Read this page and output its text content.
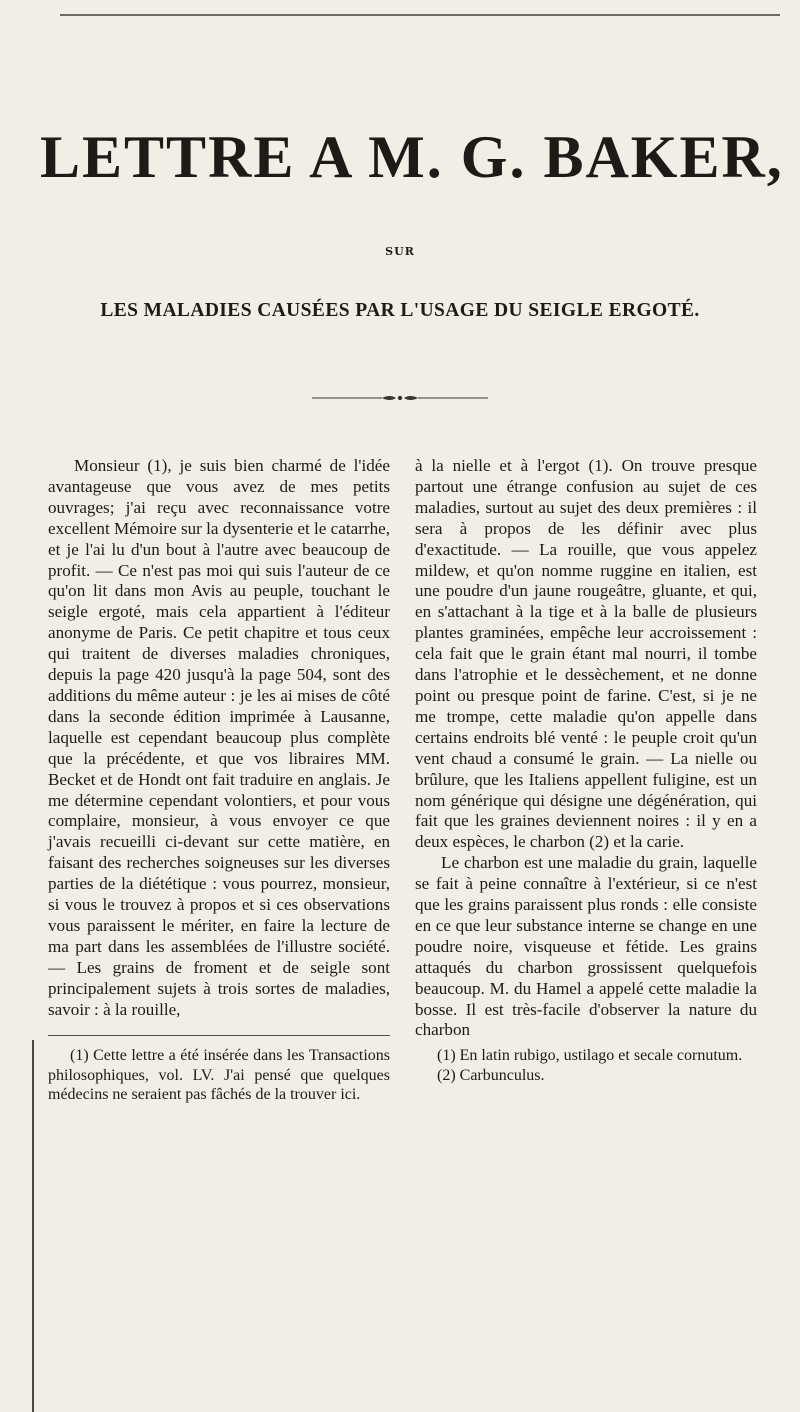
LETTRE A M. G. BAKER,
SUR
LES MALADIES CAUSÉES PAR L'USAGE DU SEIGLE ERGOTÉ.

Monsieur (1), je suis bien charmé de l'idée avantageuse que vous avez de mes petits ouvrages; j'ai reçu avec reconnaissance votre excellent Mémoire sur la dysenterie et le catarrhe, et je l'ai lu d'un bout à l'autre avec beaucoup de profit. — Ce n'est pas moi qui suis l'auteur de ce qu'on lit dans mon Avis au peuple, touchant le seigle ergoté, mais cela appartient à l'éditeur anonyme de Paris. Ce petit chapitre et tous ceux qui traitent de diverses maladies chroniques, depuis la page 420 jusqu'à la page 504, sont des additions du même auteur : je les ai mises de côté dans la seconde édition imprimée à Lausanne, laquelle est cependant beaucoup plus complète que la précédente, et que vos libraires MM. Becket et de Hondt ont fait traduire en anglais. Je me détermine cependant volontiers, et pour vous complaire, monsieur, à vous envoyer ce que j'avais recueilli ci-devant sur cette matière, en faisant des recherches soigneuses sur les diverses parties de la diététique : vous pourrez, monsieur, si vous le trouvez à propos et si ces observations vous paraissent le mériter, en faire la lecture de ma part dans les assemblées de l'illustre société. — Les grains de froment et de seigle sont principalement sujets à trois sortes de maladies, savoir : à la rouille,

à la nielle et à l'ergot (1). On trouve presque partout une étrange confusion au sujet de ces maladies, surtout au sujet des deux premières : il sera à propos de les définir avec plus d'exactitude. — La rouille, que vous appelez mildew, et qu'on nomme ruggine en italien, est une poudre d'un jaune rougeâtre, gluante, et qui, en s'attachant à la tige et à la balle de plusieurs plantes graminées, empêche leur accroissement : cela fait que le grain étant mal nourri, il tombe dans l'atrophie et le dessèchement, et ne donne point ou presque point de farine. C'est, si je ne me trompe, cette maladie qu'on appelle dans certains endroits blé venté : le peuple croit qu'un vent chaud a consumé le grain. — La nielle ou brûlure, que les Italiens appellent fuligine, est un nom générique qui désigne une dégénération, qui fait que les graines deviennent noires : il y en a deux espèces, le charbon (2) et la carie.

Le charbon est une maladie du grain, laquelle se fait à peine connaître à l'extérieur, si ce n'est que les grains paraissent plus ronds : elle consiste en ce que leur substance interne se change en une poudre noire, visqueuse et fétide. Les grains attaqués du charbon grossissent quelquefois beaucoup. M. du Hamel a appelé cette maladie la bosse. Il est très-facile d'observer la nature du charbon

(1) Cette lettre a été insérée dans les Transactions philosophiques, vol. LV. J'ai pensé que quelques médecins ne seraient pas fâchés de la trouver ici.

(1) En latin rubigo, ustilago et secale cornutum.

(2) Carbunculus.
